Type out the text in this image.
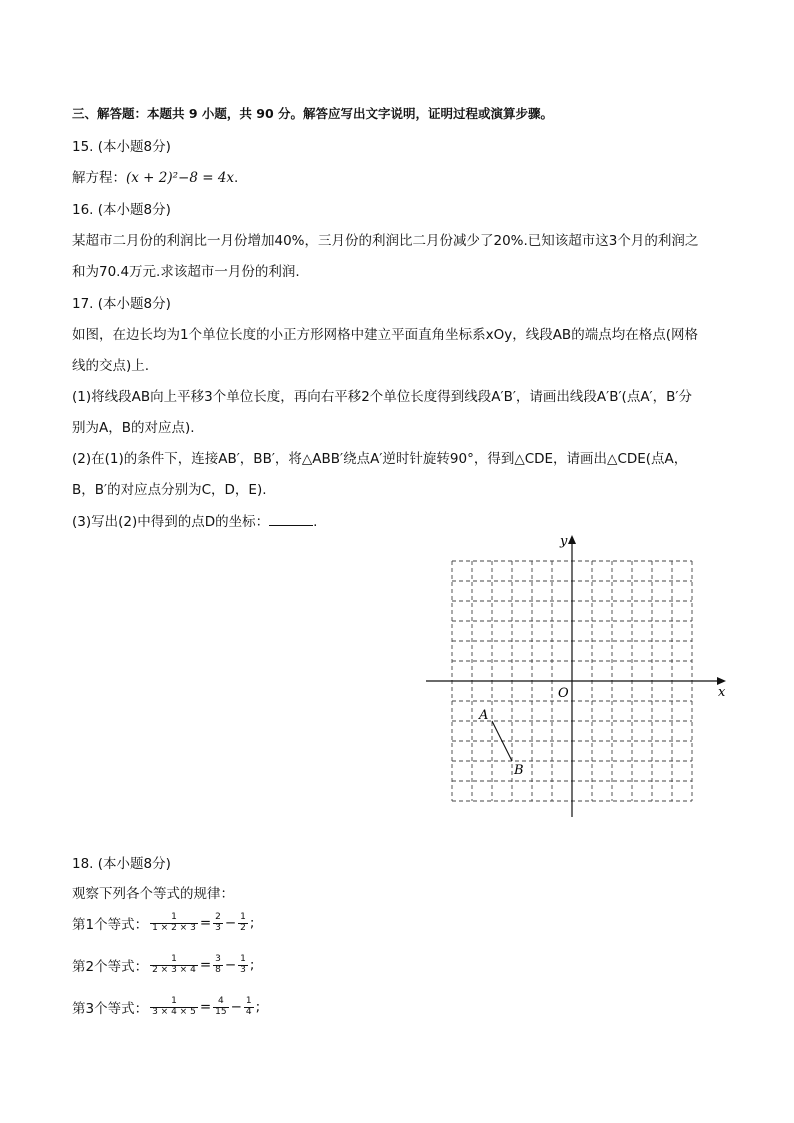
三、解答题：本题共 9 小题，共 90 分。解答应写出文字说明，证明过程或演算步骤。
15. (本小题8分)
解方程：(x + 2)²−8 = 4x.
16. (本小题8分)
某超市二月份的利润比一月份增加40%，三月份的利润比二月份减少了20%.已知该超市这3个月的利润之
和为70.4万元.求该超市一月份的利润.
17. (本小题8分)
如图，在边长均为1个单位长度的小正方形网格中建立平面直角坐标系xOy，线段AB的端点均在格点(网格
线的交点)上.
(1)将线段AB向上平移3个单位长度，再向右平移2个单位长度得到线段A′B′，请画出线段A′B′(点A′，B′分
别为A，B的对应点).
(2)在(1)的条件下，连接AB′，BB′，将△ABB′绕点A′逆时针旋转90°，得到△CDE，请画出△CDE(点A，
B，B′的对应点分别为C，D，E).
(3)写出(2)中得到的点D的坐标：	.
x
y
O
A
B
18. (本小题8分)
观察下列各个等式的规律：
第1个等式： $\frac{1}{1 \times 2 \times 3} = \frac{2}{3} - \frac{1}{2}$ ;
第2个等式： $\frac{1}{2 \times 3 \times 4} = \frac{3}{8} - \frac{1}{3}$ ;
第3个等式： $\frac{1}{3 \times 4 \times 5} = \frac{4}{15} - \frac{1}{4}$ ;
